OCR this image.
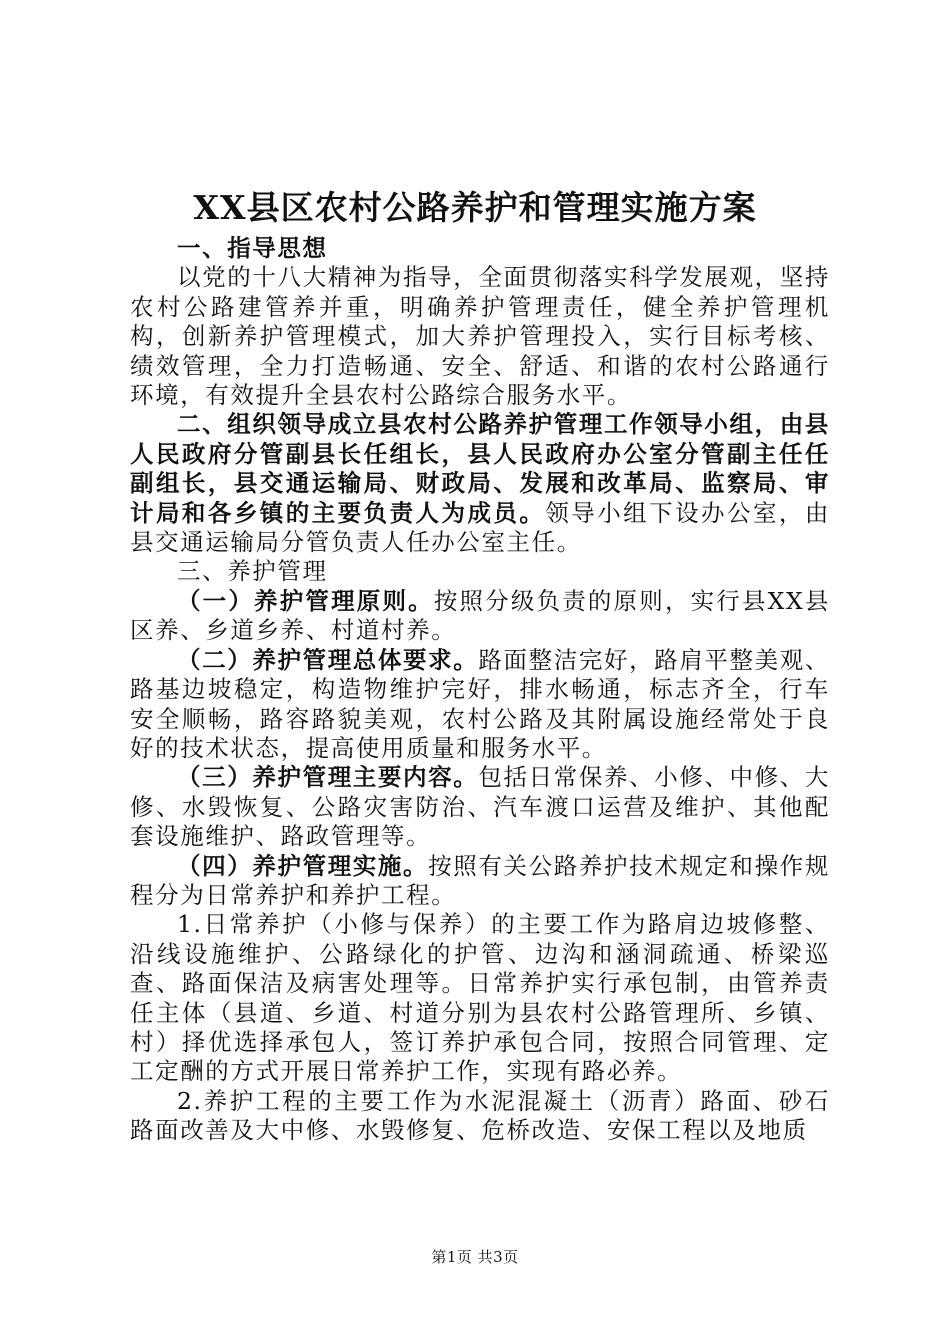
XX县区农村公路养护和管理实施方案

一、指导思想

以党的十八大精神为指导，全面贯彻落实科学发展观，坚持农村公路建管养并重，明确养护管理责任，健全养护管理机构，创新养护管理模式，加大养护管理投入，实行目标考核、绩效管理，全力打造畅通、安全、舒适、和谐的农村公路通行环境，有效提升全县农村公路综合服务水平。

二、组织领导成立县农村公路养护管理工作领导小组，由县人民政府分管副县长任组长，县人民政府办公室分管副主任任副组长，县交通运输局、财政局、发展和改革局、监察局、审计局和各乡镇的主要负责人为成员。领导小组下设办公室，由县交通运输局分管负责人任办公室主任。

三、养护管理

（一）养护管理原则。按照分级负责的原则，实行县XX县区养、乡道乡养、村道村养。

（二）养护管理总体要求。路面整洁完好，路肩平整美观、路基边坡稳定，构造物维护完好，排水畅通，标志齐全，行车安全顺畅，路容路貌美观，农村公路及其附属设施经常处于良好的技术状态，提高使用质量和服务水平。

（三）养护管理主要内容。包括日常保养、小修、中修、大修、水毁恢复、公路灾害防治、汽车渡口运营及维护、其他配套设施维护、路政管理等。

（四）养护管理实施。按照有关公路养护技术规定和操作规程分为日常养护和养护工程。

1.日常养护（小修与保养）的主要工作为路肩边坡修整、沿线设施维护、公路绿化的护管、边沟和涵洞疏通、桥梁巡查、路面保洁及病害处理等。日常养护实行承包制，由管养责任主体（县道、乡道、村道分别为县农村公路管理所、乡镇、村）择优选择承包人，签订养护承包合同，按照合同管理、定工定酬的方式开展日常养护工作，实现有路必养。

2.养护工程的主要工作为水泥混凝土（沥青）路面、砂石路面改善及大中修、水毁修复、危桥改造、安保工程以及地质

第1页 共3页
